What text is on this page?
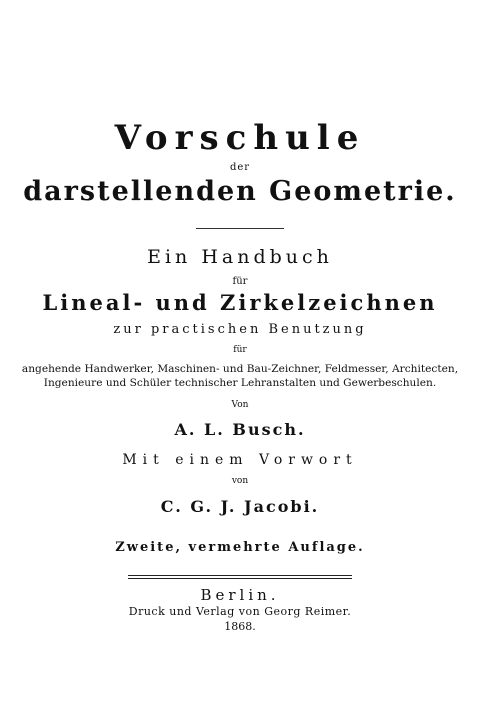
Vorschule
der
darstellenden Geometrie.
Ein Handbuch
für
Lineal- und Zirkelzeichnen
zur practischen Benutzung
für
angehende Handwerker, Maschinen- und Bau-Zeichner, Feldmesser, Architecten,
Ingenieure und Schüler technischer Lehranstalten und Gewerbeschulen.
Von
A. L. Busch.
Mit einem Vorwort
von
C. G. J. Jacobi.
Zweite, vermehrte Auflage.
Berlin.
Druck und Verlag von Georg Reimer.
1868.
